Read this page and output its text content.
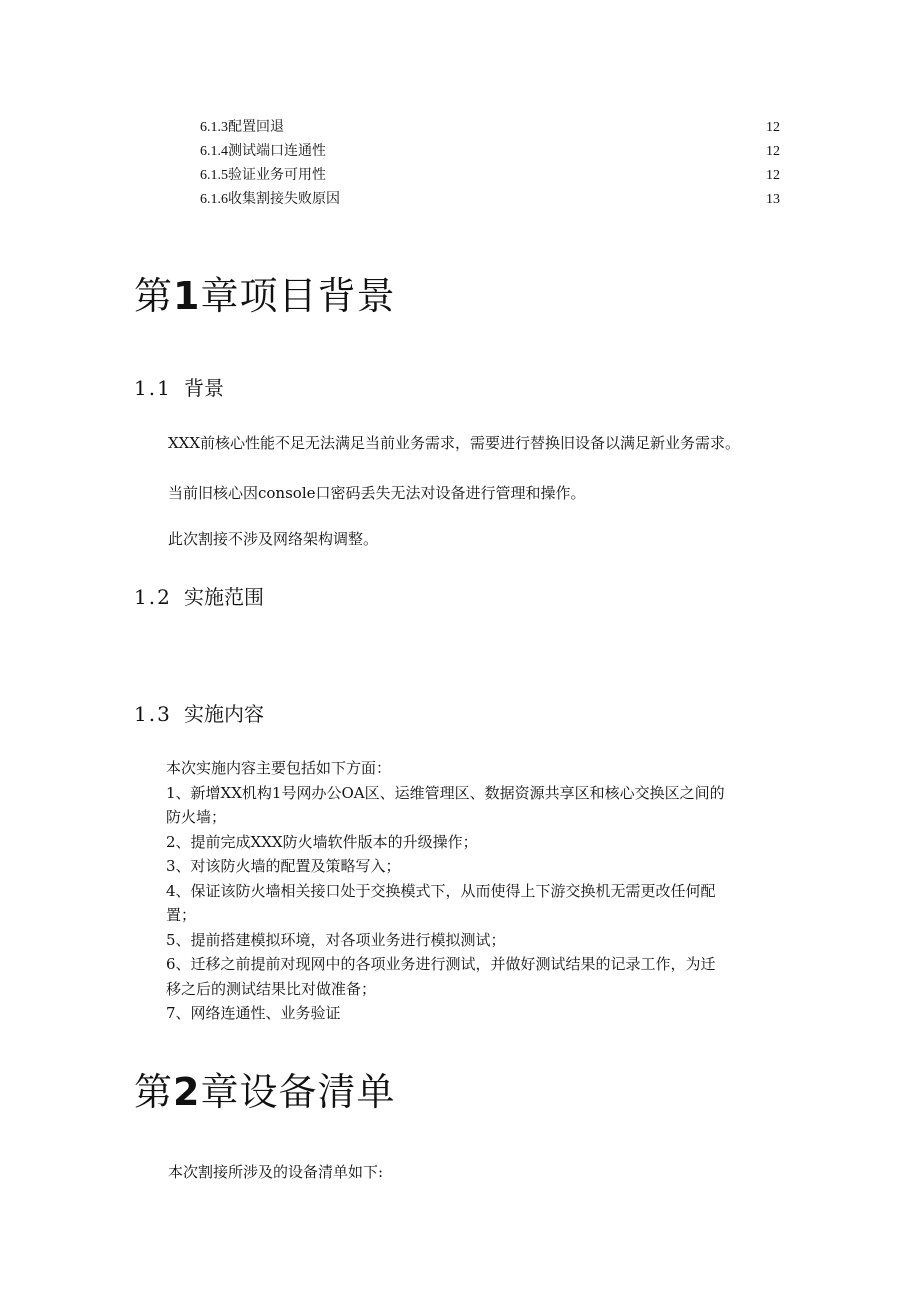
6.1.3配置回退	12
6.1.4测试端口连通性	12
6.1.5验证业务可用性	12
6.1.6收集割接失败原因	13
第1章项目背景
1.1 背景

XXX前核心性能不足无法满足当前业务需求，需要进行替换旧设备以满足新业务需求。

当前旧核心因console口密码丢失无法对设备进行管理和操作。

此次割接不涉及网络架构调整。

1.2 实施范围
1.3 实施内容
本次实施内容主要包括如下方面：
1、新增XX机构1号网办公OA区、运维管理区、数据资源共享区和核心交换区之间的
防火墙；
2、提前完成XXX防火墙软件版本的升级操作；
3、对该防火墙的配置及策略写入；
4、保证该防火墙相关接口处于交换模式下，从而使得上下游交换机无需更改任何配
置；
5、提前搭建模拟环境，对各项业务进行模拟测试；
6、迁移之前提前对现网中的各项业务进行测试，并做好测试结果的记录工作，为迁
移之后的测试结果比对做准备；
7、网络连通性、业务验证
第2章设备清单

本次割接所涉及的设备清单如下:
